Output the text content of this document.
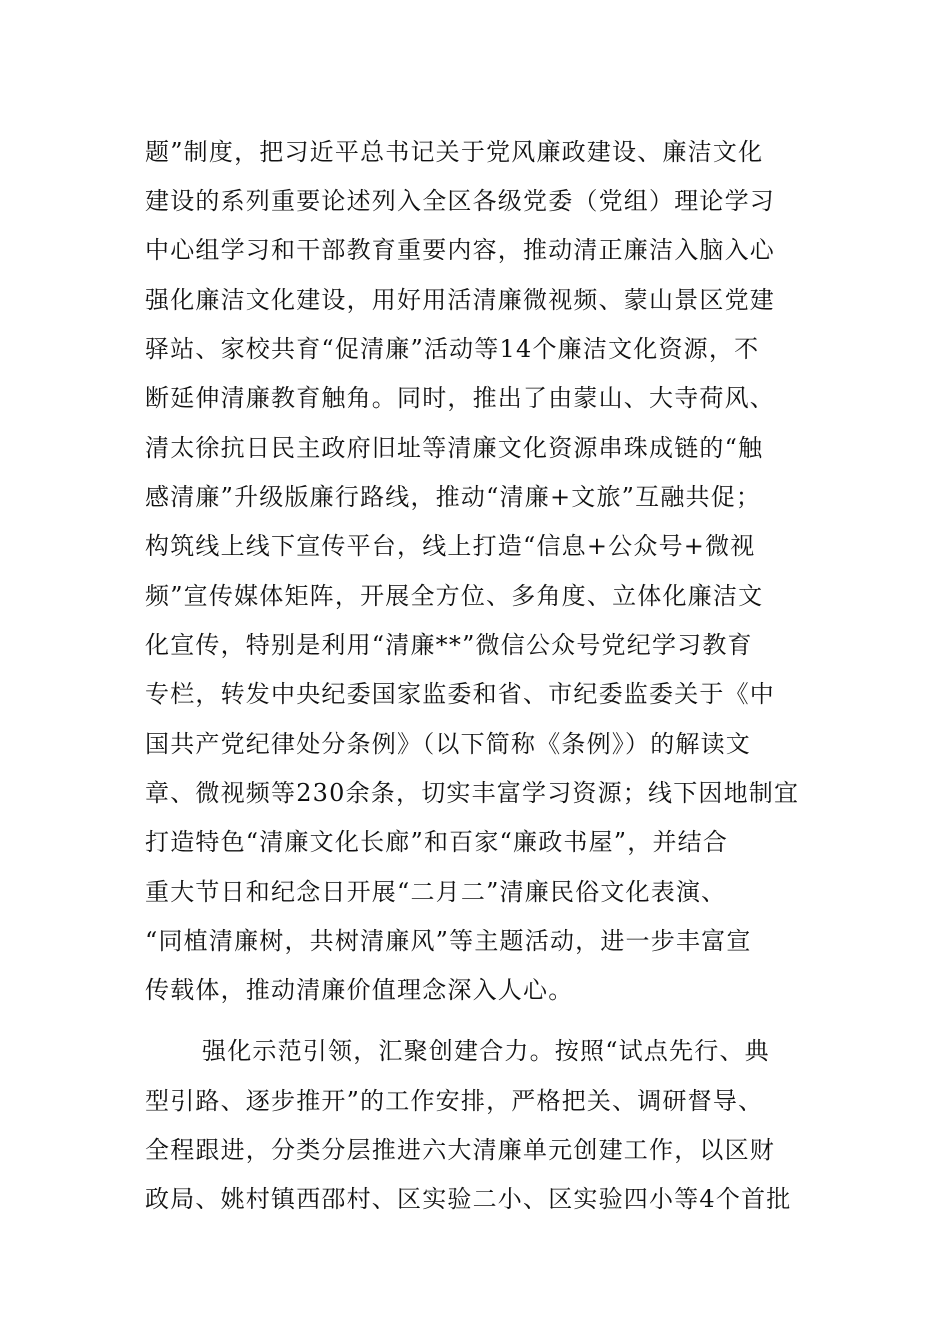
题”制度，把习近平总书记关于党风廉政建设、廉洁文化
建设的系列重要论述列入全区各级党委（党组）理论学习
中心组学习和干部教育重要内容，推动清正廉洁入脑入心
强化廉洁文化建设，用好用活清廉微视频、蒙山景区党建
驿站、家校共育“促清廉”活动等14个廉洁文化资源，不
断延伸清廉教育触角。同时，推出了由蒙山、大寺荷风、
清太徐抗日民主政府旧址等清廉文化资源串珠成链的“触
感清廉”升级版廉行路线，推动“清廉+文旅”互融共促；
构筑线上线下宣传平台，线上打造“信息+公众号+微视
频”宣传媒体矩阵，开展全方位、多角度、立体化廉洁文
化宣传，特别是利用“清廉**”微信公众号党纪学习教育
专栏，转发中央纪委国家监委和省、市纪委监委关于《中
国共产党纪律处分条例》（以下简称《条例》）的解读文
章、微视频等230余条，切实丰富学习资源；线下因地制宜
打造特色“清廉文化长廊”和百家“廉政书屋”，并结合
重大节日和纪念日开展“二月二”清廉民俗文化表演、
“同植清廉树，共树清廉风”等主题活动，进一步丰富宣
传载体，推动清廉价值理念深入人心。
强化示范引领，汇聚创建合力。按照“试点先行、典
型引路、逐步推开”的工作安排，严格把关、调研督导、
全程跟进，分类分层推进六大清廉单元创建工作，以区财
政局、姚村镇西邵村、区实验二小、区实验四小等4个首批
